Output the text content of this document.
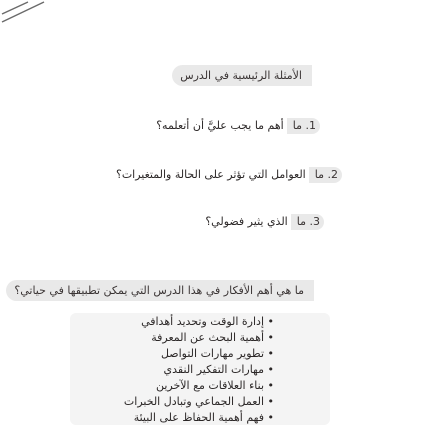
الأمثلة الرئيسية في الدرس
1. ماأهم ما يجب عليَّ أن أتعلمه؟
2. ماالعوامل التي تؤثر على الحالة والمتغيرات؟
3. ماالذي يثير فضولي؟
ما هي أهم الأفكار في هذا الدرس التي يمكن تطبيقها في حياتي؟
• إدارة الوقت وتحديد أهدافي
• أهمية البحث عن المعرفة
• تطوير مهارات التواصل
• مهارات التفكير النقدي
• بناء العلاقات مع الآخرين
• العمل الجماعي وتبادل الخبرات
• فهم أهمية الحفاظ على البيئة
